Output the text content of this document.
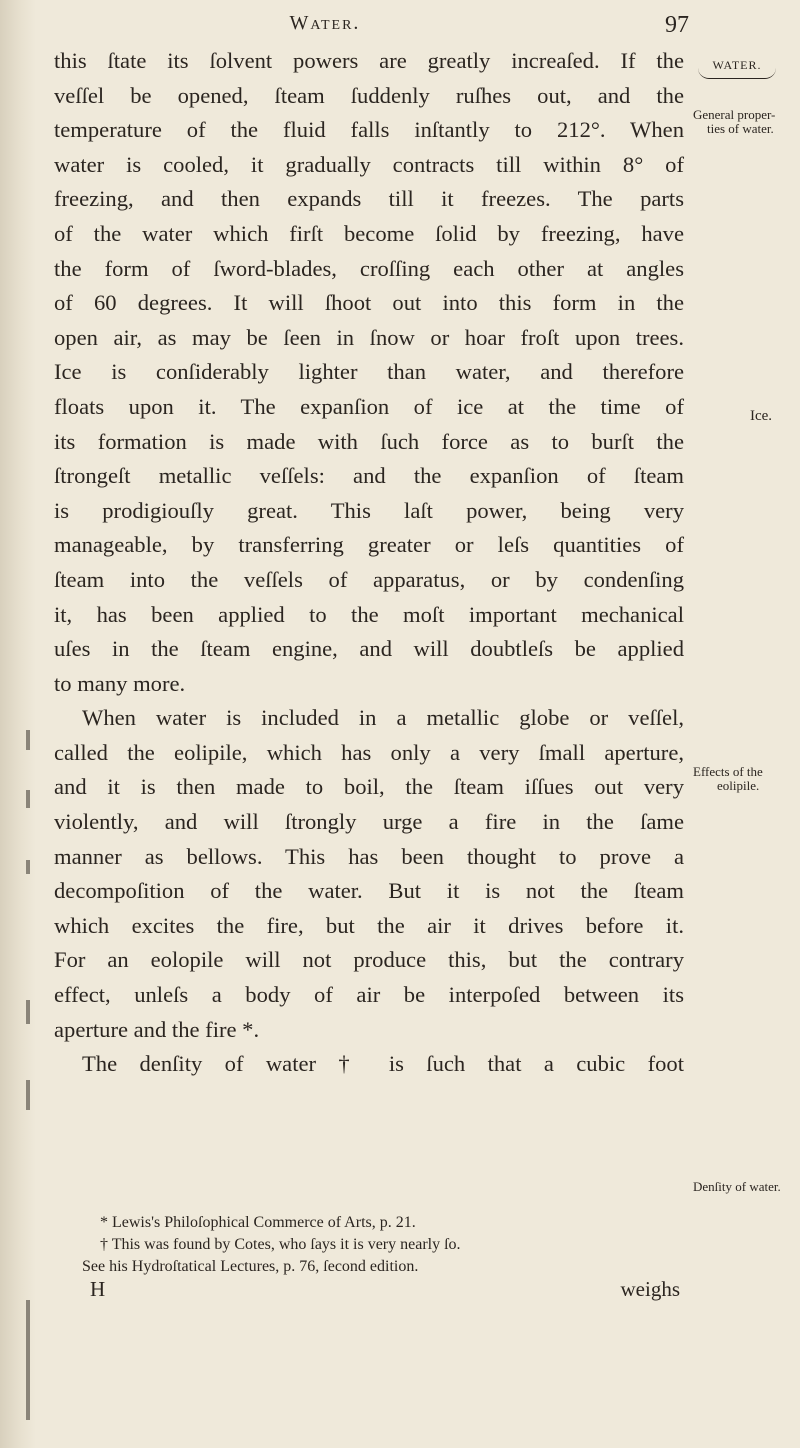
Water.	97
WATER.
this ſtate its ſolvent powers are greatly increaſed. If the
veſſel be opened, ſteam ſuddenly ruſhes out, and the
temperature of the fluid falls inſtantly to 212°. When
water is cooled, it gradually contracts till within 8° of
freezing, and then expands till it freezes. The parts
of the water which firſt become ſolid by freezing, have
the form of ſword-blades, croſſing each other at angles
of 60 degrees. It will ſhoot out into this form in the
open air, as may be ſeen in ſnow or hoar froſt upon trees.
Ice is conſiderably lighter than water, and therefore
floats upon it. The expanſion of ice at the time of
its formation is made with ſuch force as to burſt the
ſtrongeſt metallic veſſels: and the expanſion of ſteam
is prodigiouſly great. This laſt power, being very
manageable, by transferring greater or leſs quantities of
ſteam into the veſſels of apparatus, or by condenſing
it, has been applied to the moſt important mechanical
uſes in the ſteam engine, and will doubtleſs be applied
to many more.
When water is included in a metallic globe or veſſel,
called the eolipile, which has only a very ſmall aperture,
and it is then made to boil, the ſteam iſſues out very
violently, and will ſtrongly urge a fire in the ſame
manner as bellows. This has been thought to prove a
decompoſition of the water. But it is not the ſteam
which excites the fire, but the air it drives before it.
For an eolopile will not produce this, but the contrary
effect, unleſs a body of air be interpoſed between its
aperture and the fire *.
The denſity of water † is ſuch that a cubic foot
General proper-
ties of water.
Ice.
Effects of the
eolipile.
Denſity of water.
* Lewis's Philoſophical Commerce of Arts, p. 21.
† This was found by Cotes, who ſays it is very nearly ſo.
See his Hydroſtatical Lectures, p. 76, ſecond edition.
H	weighs
